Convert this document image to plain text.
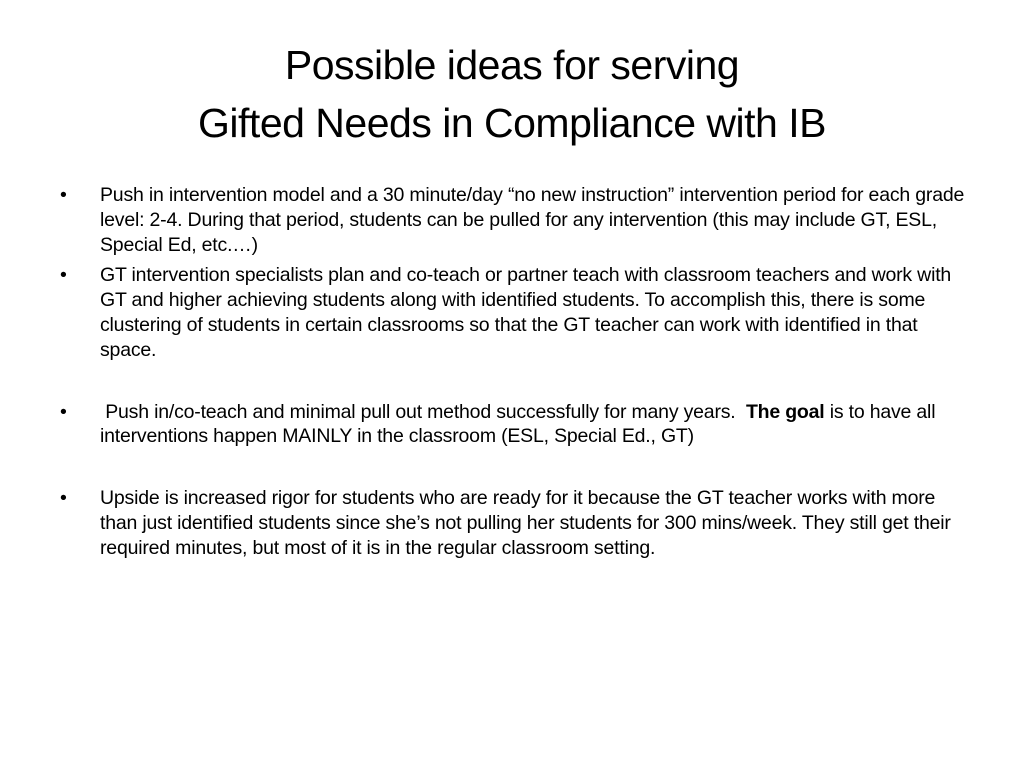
Possible ideas for serving
Gifted Needs in Compliance with IB
•	Push in intervention model and a 30 minute/day “no new instruction” intervention period for each grade level: 2-4. During that period, students can be pulled for any intervention (this may include GT, ESL, Special Ed, etc.…)
•	GT intervention specialists plan and co-teach or partner teach with classroom teachers and work with GT and higher achieving students along with identified students. To accomplish this, there is some clustering of students in certain classrooms so that the GT teacher can work with identified in that space.
•	Push in/co-teach and minimal pull out method successfully for many years.  The goal is to have all interventions happen MAINLY in the classroom (ESL, Special Ed., GT)
•	Upside is increased rigor for students who are ready for it because the GT teacher works with more than just identified students since she’s not pulling her students for 300 mins/week. They still get their required minutes, but most of it is in the regular classroom setting.
